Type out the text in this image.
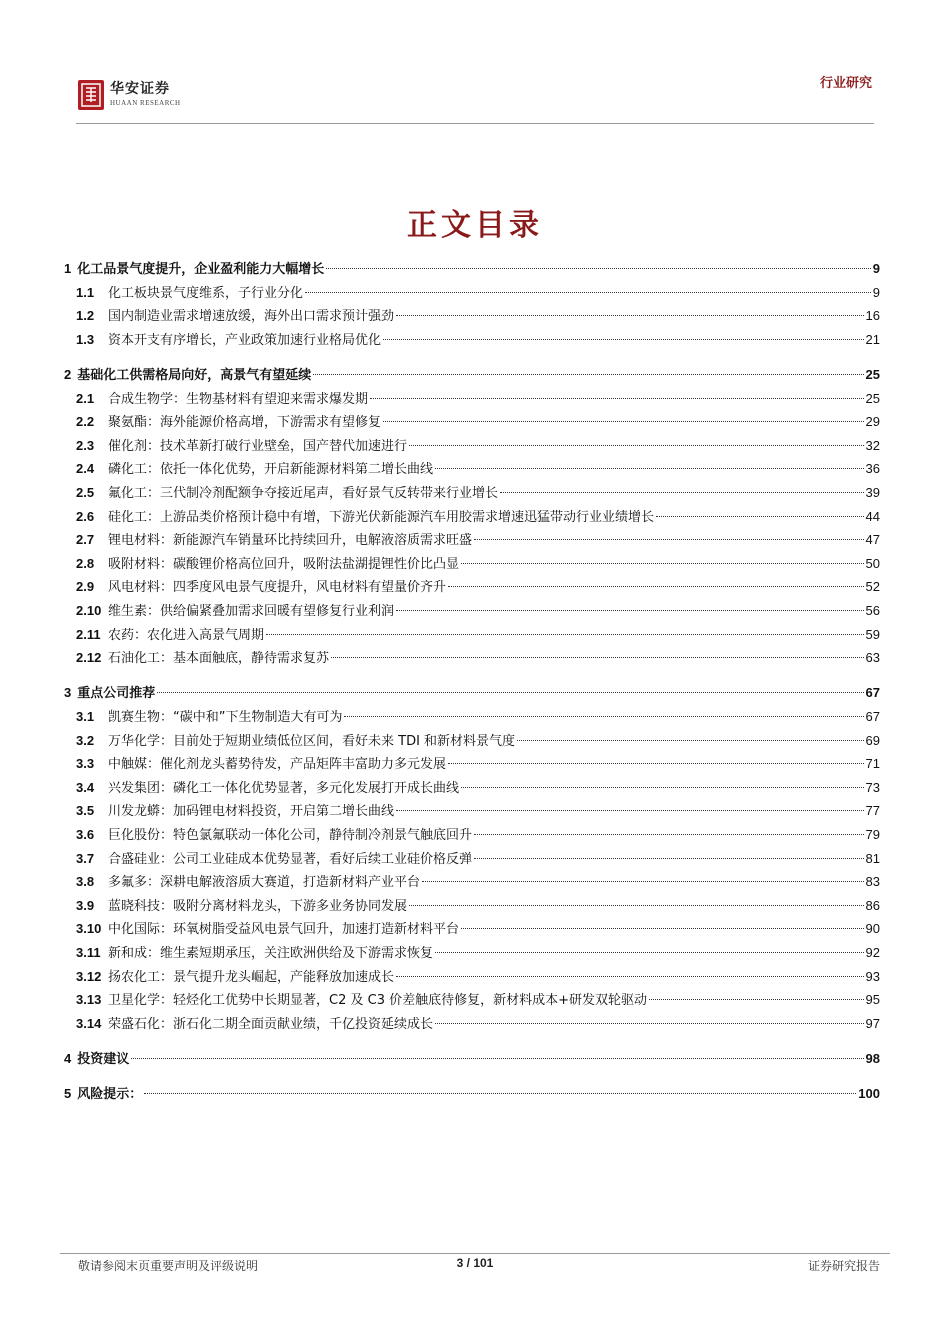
华安证券
HUAAN RESEARCH
行业研究
正文目录
1 化工品景气度提升，企业盈利能力大幅增长	9
1.1	化工板块景气度维系，子行业分化	9
1.2	国内制造业需求增速放缓，海外出口需求预计强劲	16
1.3	资本开支有序增长，产业政策加速行业格局优化	21
2 基础化工供需格局向好，高景气有望延续	25
2.1	合成生物学：生物基材料有望迎来需求爆发期	25
2.2	聚氨酯：海外能源价格高增，下游需求有望修复	29
2.3	催化剂：技术革新打破行业壁垒，国产替代加速进行	32
2.4	磷化工：依托一体化优势，开启新能源材料第二增长曲线	36
2.5	氟化工：三代制冷剂配额争夺接近尾声，看好景气反转带来行业增长	39
2.6	硅化工：上游品类价格预计稳中有增，下游光伏新能源汽车用胶需求增速迅猛带动行业业绩增长	44
2.7	锂电材料：新能源汽车销量环比持续回升，电解液溶质需求旺盛	47
2.8	吸附材料：碳酸锂价格高位回升，吸附法盐湖提锂性价比凸显	50
2.9	风电材料：四季度风电景气度提升，风电材料有望量价齐升	52
2.10 维生素：供给偏紧叠加需求回暖有望修复行业利润	56
2.11 农药：农化进入高景气周期	59
2.12 石油化工：基本面触底，静待需求复苏	63
3 重点公司推荐	67
3.1	凯赛生物：“碳中和”下生物制造大有可为	67
3.2	万华化学：目前处于短期业绩低位区间，看好未来 TDI 和新材料景气度	69
3.3	中触媒：催化剂龙头蓄势待发，产品矩阵丰富助力多元发展	71
3.4	兴发集团：磷化工一体化优势显著，多元化发展打开成长曲线	73
3.5	川发龙蟒：加码锂电材料投资，开启第二增长曲线	77
3.6	巨化股份：特色氯氟联动一体化公司，静待制冷剂景气触底回升	79
3.7	合盛硅业：公司工业硅成本优势显著，看好后续工业硅价格反弹	81
3.8	多氟多：深耕电解液溶质大赛道，打造新材料产业平台	83
3.9	蓝晓科技：吸附分离材料龙头，下游多业务协同发展	86
3.10 中化国际：环氧树脂受益风电景气回升，加速打造新材料平台	90
3.11 新和成：维生素短期承压，关注欧洲供给及下游需求恢复	92
3.12 扬农化工：景气提升龙头崛起，产能释放加速成长	93
3.13 卫星化学：轻烃化工优势中长期显著，C2 及 C3 价差触底待修复，新材料成本+研发双轮驱动	95
3.14 荣盛石化：浙石化二期全面贡献业绩，千亿投资延续成长	97
4 投资建议	98
5 风险提示：	100
敬请参阅末页重要声明及评级说明	3 / 101	证券研究报告
